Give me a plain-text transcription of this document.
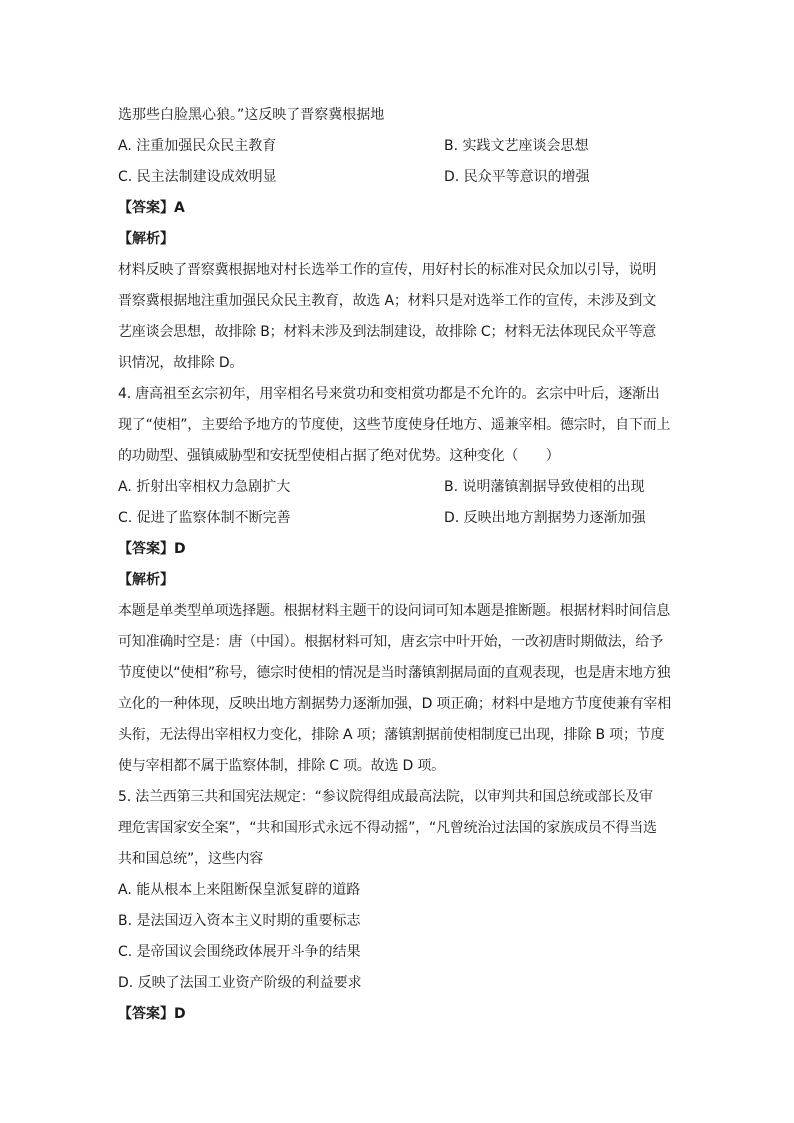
选那些白脸黑心狼。”这反映了晋察冀根据地
A. 注重加强民众民主教育	B. 实践文艺座谈会思想
C. 民主法制建设成效明显	D. 民众平等意识的增强
【答案】A
【解析】
材料反映了晋察冀根据地对村长选举工作的宣传，用好村长的标准对民众加以引导，说明
晋察冀根据地注重加强民众民主教育，故选 A；材料只是对选举工作的宣传，未涉及到文
艺座谈会思想，故排除 B；材料未涉及到法制建设，故排除 C；材料无法体现民众平等意
识情况，故排除 D。
4. 唐高祖至玄宗初年，用宰相名号来赏功和变相赏功都是不允许的。玄宗中叶后，逐渐出
现了“使相”，主要给予地方的节度使，这些节度使身任地方、遥兼宰相。德宗时，自下而上
的功勋型、强镇威胁型和安抚型使相占据了绝对优势。这种变化（　　）
A. 折射出宰相权力急剧扩大	B. 说明藩镇割据导致使相的出现
C. 促进了监察体制不断完善	D. 反映出地方割据势力逐渐加强
【答案】D
【解析】
本题是单类型单项选择题。根据材料主题干的设问词可知本题是推断题。根据材料时间信息
可知准确时空是：唐（中国）。根据材料可知，唐玄宗中叶开始，一改初唐时期做法，给予
节度使以“使相”称号，德宗时使相的情况是当时藩镇割据局面的直观表现，也是唐末地方独
立化的一种体现，反映出地方割据势力逐渐加强，D 项正确；材料中是地方节度使兼有宰相
头衔，无法得出宰相权力变化，排除 A 项；藩镇割据前使相制度已出现，排除 B 项；节度
使与宰相都不属于监察体制，排除 C 项。故选 D 项。
5. 法兰西第三共和国宪法规定：“参议院得组成最高法院，以审判共和国总统或部长及审
理危害国家安全案”，“共和国形式永远不得动摇”，“凡曾统治过法国的家族成员不得当选
共和国总统”，这些内容
A. 能从根本上来阻断保皇派复辟的道路
B. 是法国迈入资本主义时期的重要标志
C. 是帝国议会围绕政体展开斗争的结果
D. 反映了法国工业资产阶级的利益要求
【答案】D
